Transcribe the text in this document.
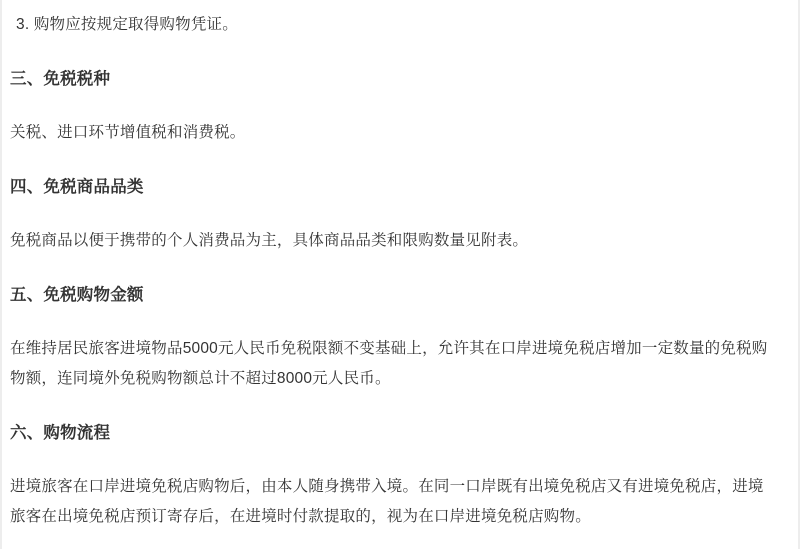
3. 购物应按规定取得购物凭证。

三、免税税种

关税、进口环节增值税和消费税。

四、免税商品品类

免税商品以便于携带的个人消费品为主，具体商品品类和限购数量见附表。

五、免税购物金额

在维持居民旅客进境物品5000元人民币免税限额不变基础上，允许其在口岸进境免税店增加一定数量的免税购物额，连同境外免税购物额总计不超过8000元人民币。

六、购物流程

进境旅客在口岸进境免税店购物后，由本人随身携带入境。在同一口岸既有出境免税店又有进境免税店，进境旅客在出境免税店预订寄存后，在进境时付款提取的，视为在口岸进境免税店购物。
